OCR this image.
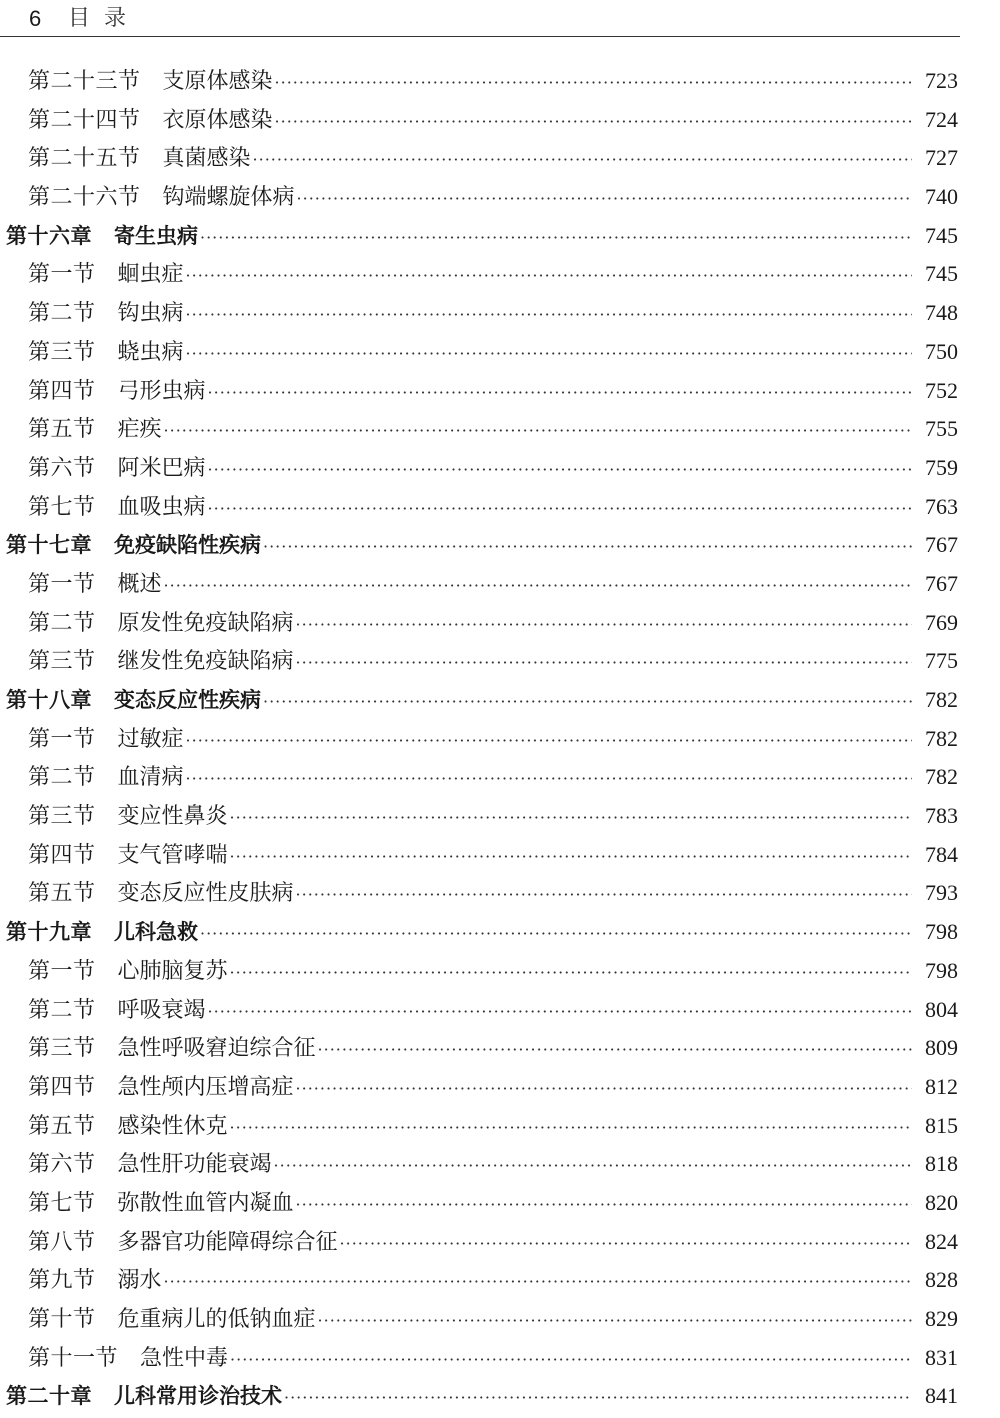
6 目录
第二十三节 支原体感染 ·····	723
第二十四节 衣原体感染 ·····	724
第二十五节 真菌感染 ·····	727
第二十六节 钩端螺旋体病 ·····	740
第十六章 寄生虫病 ·····	745
第一节 蛔虫症 ·····	745
第二节 钩虫病 ·····	748
第三节 蛲虫病 ·····	750
第四节 弓形虫病 ·····	752
第五节 疟疾 ·····	755
第六节 阿米巴病 ·····	759
第七节 血吸虫病 ·····	763
第十七章 免疫缺陷性疾病 ·····	767
第一节 概述 ·····	767
第二节 原发性免疫缺陷病 ·····	769
第三节 继发性免疫缺陷病 ·····	775
第十八章 变态反应性疾病 ·····	782
第一节 过敏症 ·····	782
第二节 血清病 ·····	782
第三节 变应性鼻炎 ·····	783
第四节 支气管哮喘 ·····	784
第五节 变态反应性皮肤病 ·····	793
第十九章 儿科急救 ·····	798
第一节 心肺脑复苏 ·····	798
第二节 呼吸衰竭 ·····	804
第三节 急性呼吸窘迫综合征 ·····	809
第四节 急性颅内压增高症 ·····	812
第五节 感染性休克 ·····	815
第六节 急性肝功能衰竭 ·····	818
第七节 弥散性血管内凝血 ·····	820
第八节 多器官功能障碍综合征 ·····	824
第九节 溺水 ·····	828
第十节 危重病儿的低钠血症 ·····	829
第十一节 急性中毒 ·····	831
第二十章 儿科常用诊治技术 ·····	841
